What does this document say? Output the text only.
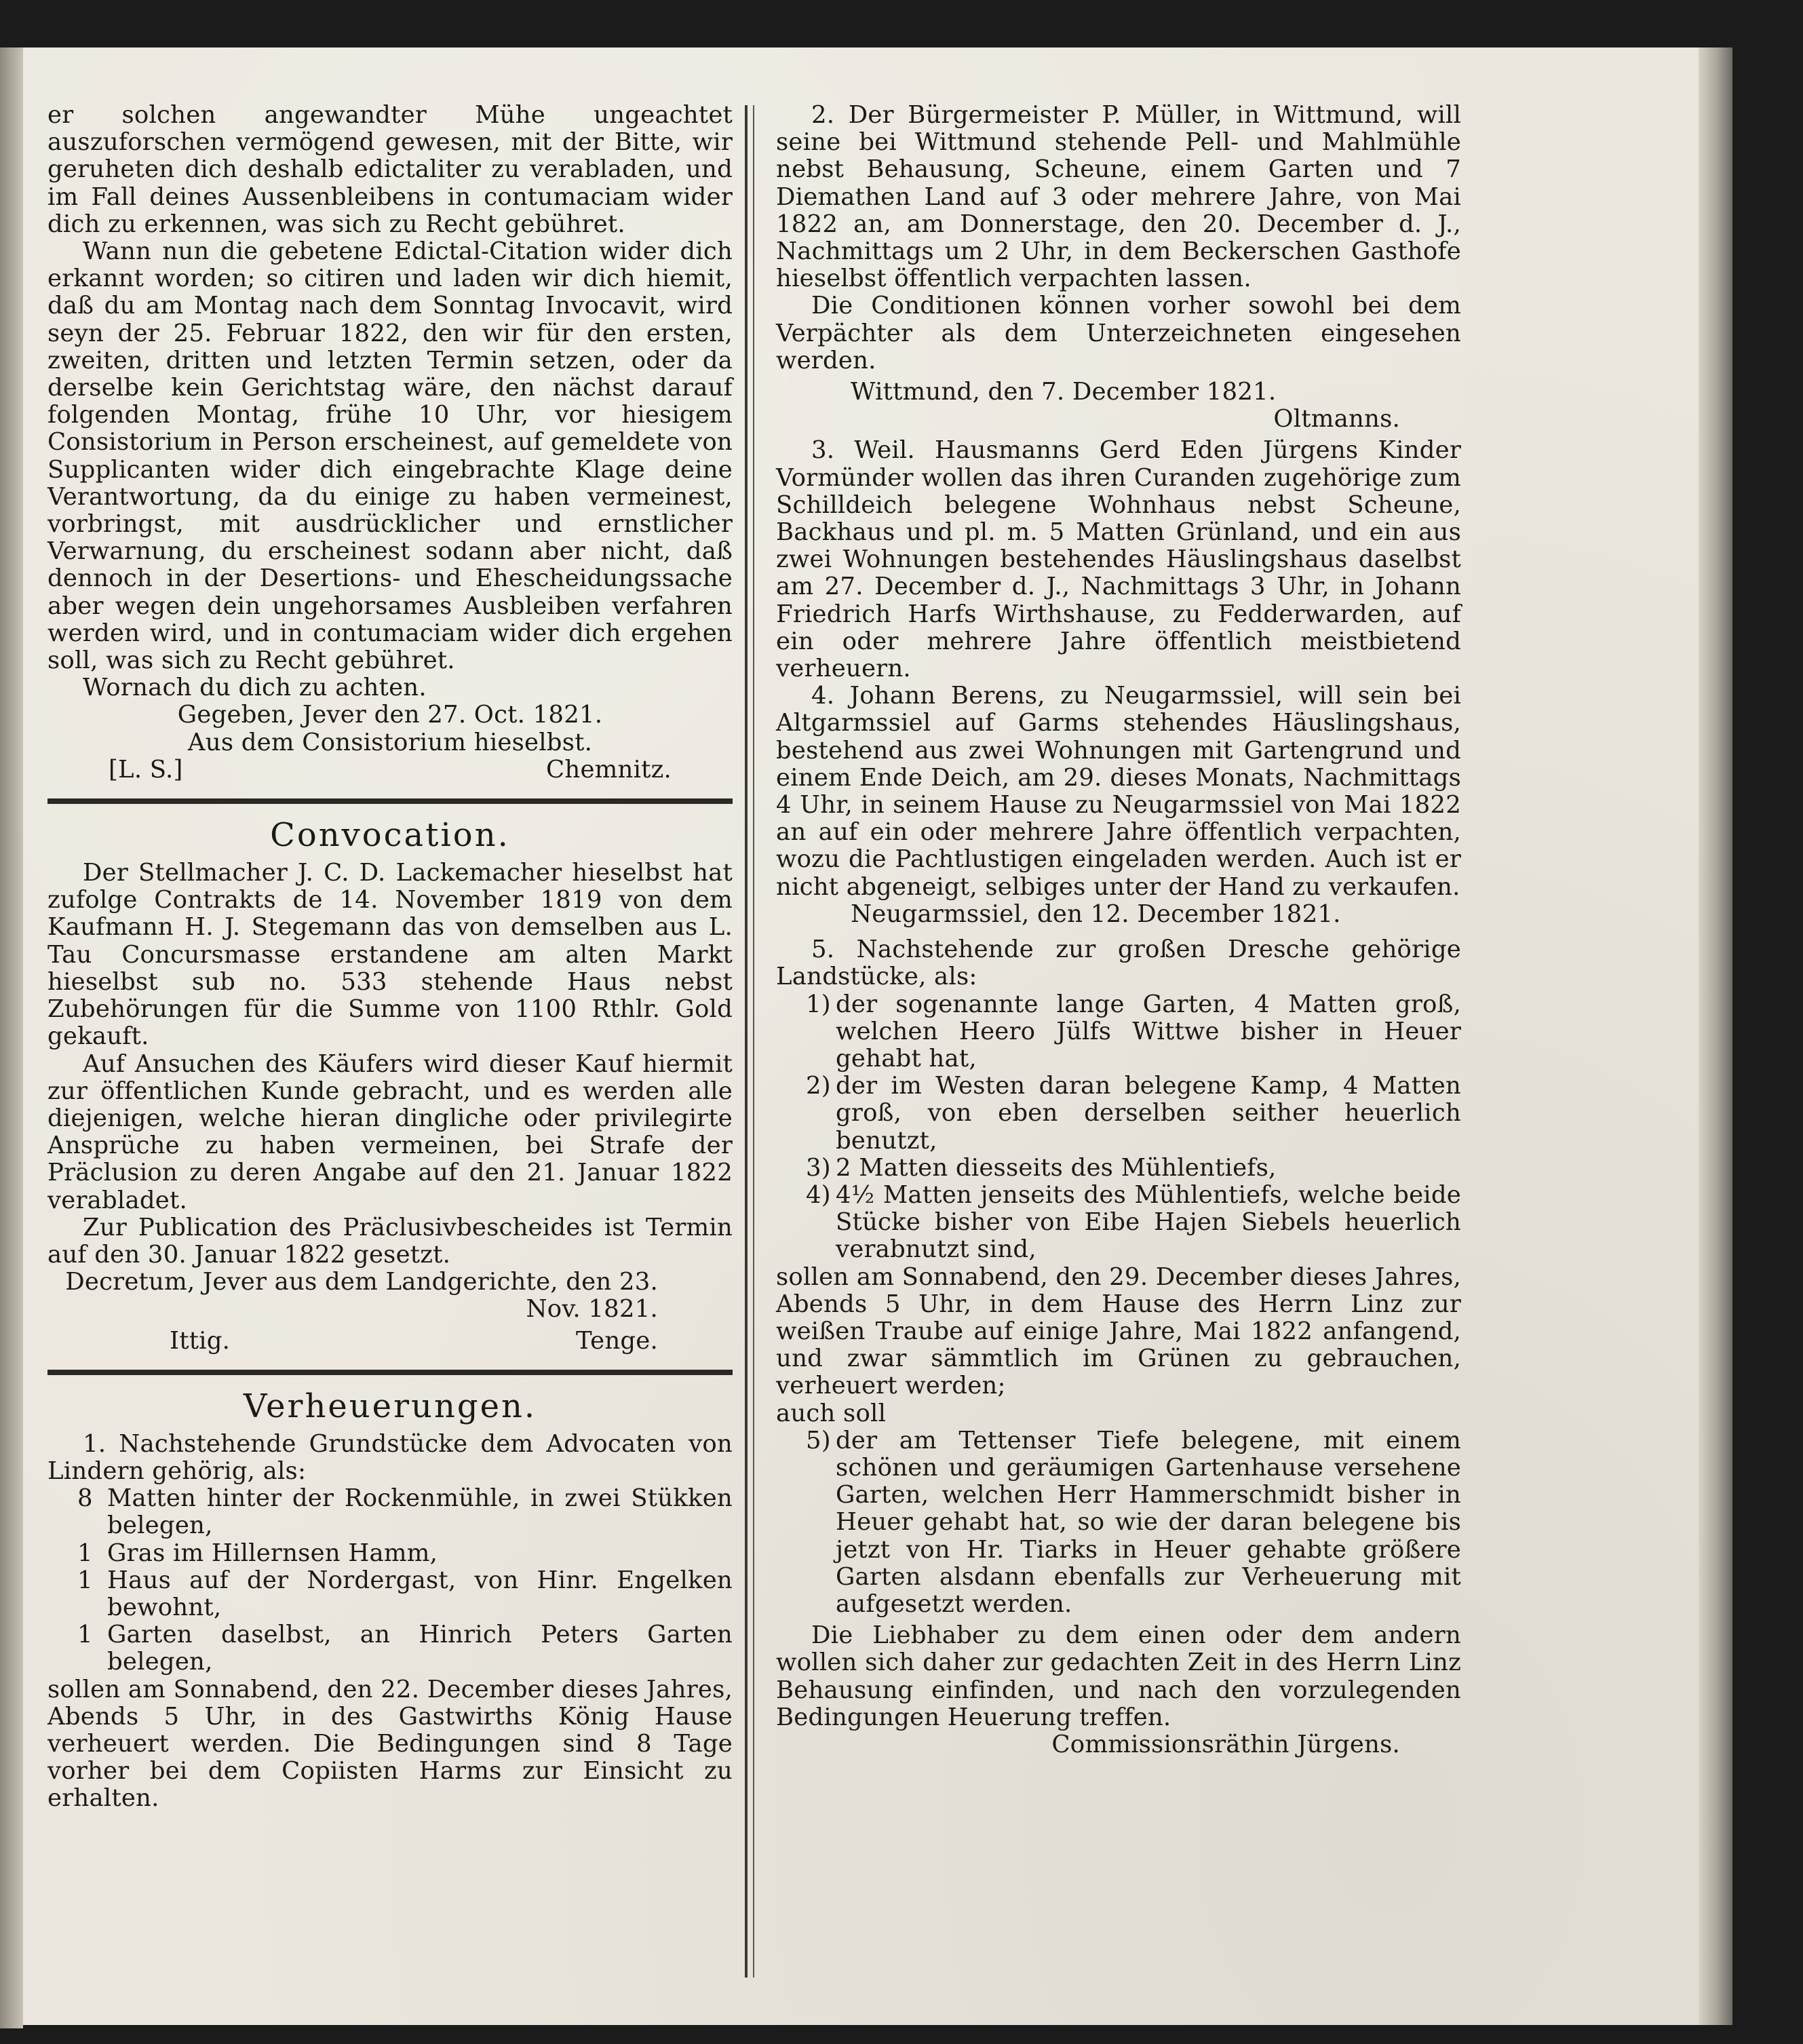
er solchen angewandter Mühe ungeachtet auszuforschen vermögend gewesen, mit der Bitte, wir geruheten dich deshalb edictaliter zu verabladen, und im Fall deines Aussenbleibens in contumaciam wider dich zu erkennen, was sich zu Recht gebühret.

Wann nun die gebetene Edictal-Citation wider dich erkannt worden; so citiren und laden wir dich hiemit, daß du am Montag nach dem Sonntag Invocavit, wird seyn der 25. Februar 1822, den wir für den ersten, zweiten, dritten und letzten Termin setzen, oder da derselbe kein Gerichtstag wäre, den nächst darauf folgenden Montag, frühe 10 Uhr, vor hiesigem Consistorium in Person erscheinest, auf gemeldete von Supplicanten wider dich eingebrachte Klage deine Verantwortung, da du einige zu haben vermeinest, vorbringst, mit ausdrücklicher und ernstlicher Verwarnung, du erscheinest sodann aber nicht, daß dennoch in der Desertions- und Ehescheidungssache aber wegen dein ungehorsames Ausbleiben verfahren werden wird, und in contumaciam wider dich ergehen soll, was sich zu Recht gebühret.

Wornach du dich zu achten.

Gegeben, Jever den 27. Oct. 1821.

Aus dem Consistorium hieselbst.

[L. S.]	Chemnitz.
Convocation.

Der Stellmacher J. C. D. Lackemacher hieselbst hat zufolge Contrakts de 14. November 1819 von dem Kaufmann H. J. Stegemann das von demselben aus L. Tau Concursmasse erstandene am alten Markt hieselbst sub no. 533 stehende Haus nebst Zubehörungen für die Summe von 1100 Rthlr. Gold gekauft.

Auf Ansuchen des Käufers wird dieser Kauf hiermit zur öffentlichen Kunde gebracht, und es werden alle diejenigen, welche hieran dingliche oder privilegirte Ansprüche zu haben vermeinen, bei Strafe der Präclusion zu deren Angabe auf den 21. Januar 1822 verabladet.

Zur Publication des Präclusivbescheides ist Termin auf den 30. Januar 1822 gesetzt.

Decretum, Jever aus dem Landgerichte, den 23. Nov. 1821.

Ittig.	Tenge.
Verheuerungen.

1. Nachstehende Grundstücke dem Advocaten von Lindern gehörig, als:

8 Matten hinter der Rockenmühle, in zwei Stükken belegen,
1 Gras im Hillernsen Hamm,
1 Haus auf der Nordergast, von Hinr. Engelken bewohnt,
1 Garten daselbst, an Hinrich Peters Garten belegen,

sollen am Sonnabend, den 22. December dieses Jahres, Abends 5 Uhr, in des Gastwirths König Hause verheuert werden. Die Bedingungen sind 8 Tage vorher bei dem Copiisten Harms zur Einsicht zu erhalten.

2. Der Bürgermeister P. Müller, in Wittmund, will seine bei Wittmund stehende Pell- und Mahlmühle nebst Behausung, Scheune, einem Garten und 7 Diemathen Land auf 3 oder mehrere Jahre, von Mai 1822 an, am Donnerstage, den 20. December d. J., Nachmittags um 2 Uhr, in dem Beckerschen Gasthofe hieselbst öffentlich verpachten lassen.

Die Conditionen können vorher sowohl bei dem Verpächter als dem Unterzeichneten eingesehen werden.

Wittmund, den 7. December 1821.

Oltmanns.

3. Weil. Hausmanns Gerd Eden Jürgens Kinder Vormünder wollen das ihren Curanden zugehörige zum Schilldeich belegene Wohnhaus nebst Scheune, Backhaus und pl. m. 5 Matten Grünland, und ein aus zwei Wohnungen bestehendes Häuslingshaus daselbst am 27. December d. J., Nachmittags 3 Uhr, in Johann Friedrich Harfs Wirthshause, zu Fedderwarden, auf ein oder mehrere Jahre öffentlich meistbietend verheuern.

4. Johann Berens, zu Neugarmssiel, will sein bei Altgarmssiel auf Garms stehendes Häuslingshaus, bestehend aus zwei Wohnungen mit Gartengrund und einem Ende Deich, am 29. dieses Monats, Nachmittags 4 Uhr, in seinem Hause zu Neugarmssiel von Mai 1822 an auf ein oder mehrere Jahre öffentlich verpachten, wozu die Pachtlustigen eingeladen werden. Auch ist er nicht abgeneigt, selbiges unter der Hand zu verkaufen.

Neugarmssiel, den 12. December 1821.

5. Nachstehende zur großen Dresche gehörige Landstücke, als:

1) der sogenannte lange Garten, 4 Matten groß, welchen Heero Jülfs Wittwe bisher in Heuer gehabt hat,
2) der im Westen daran belegene Kamp, 4 Matten groß, von eben derselben seither heuerlich benutzt,
3) 2 Matten diesseits des Mühlentiefs,
4) 4½ Matten jenseits des Mühlentiefs, welche beide Stücke bisher von Eibe Hajen Siebels heuerlich verabnutzt sind,

sollen am Sonnabend, den 29. December dieses Jahres, Abends 5 Uhr, in dem Hause des Herrn Linz zur weißen Traube auf einige Jahre, Mai 1822 anfangend, und zwar sämmtlich im Grünen zu gebrauchen, verheuert werden;

auch soll

5) der am Tettenser Tiefe belegene, mit einem schönen und geräumigen Gartenhause versehene Garten, welchen Herr Hammerschmidt bisher in Heuer gehabt hat, so wie der daran belegene bis jetzt von Hr. Tiarks in Heuer gehabte größere Garten alsdann ebenfalls zur Verheuerung mit aufgesetzt werden.

Die Liebhaber zu dem einen oder dem andern wollen sich daher zur gedachten Zeit in des Herrn Linz Behausung einfinden, und nach den vorzulegenden Bedingungen Heuerung treffen.

Commissionsräthin Jürgens.
